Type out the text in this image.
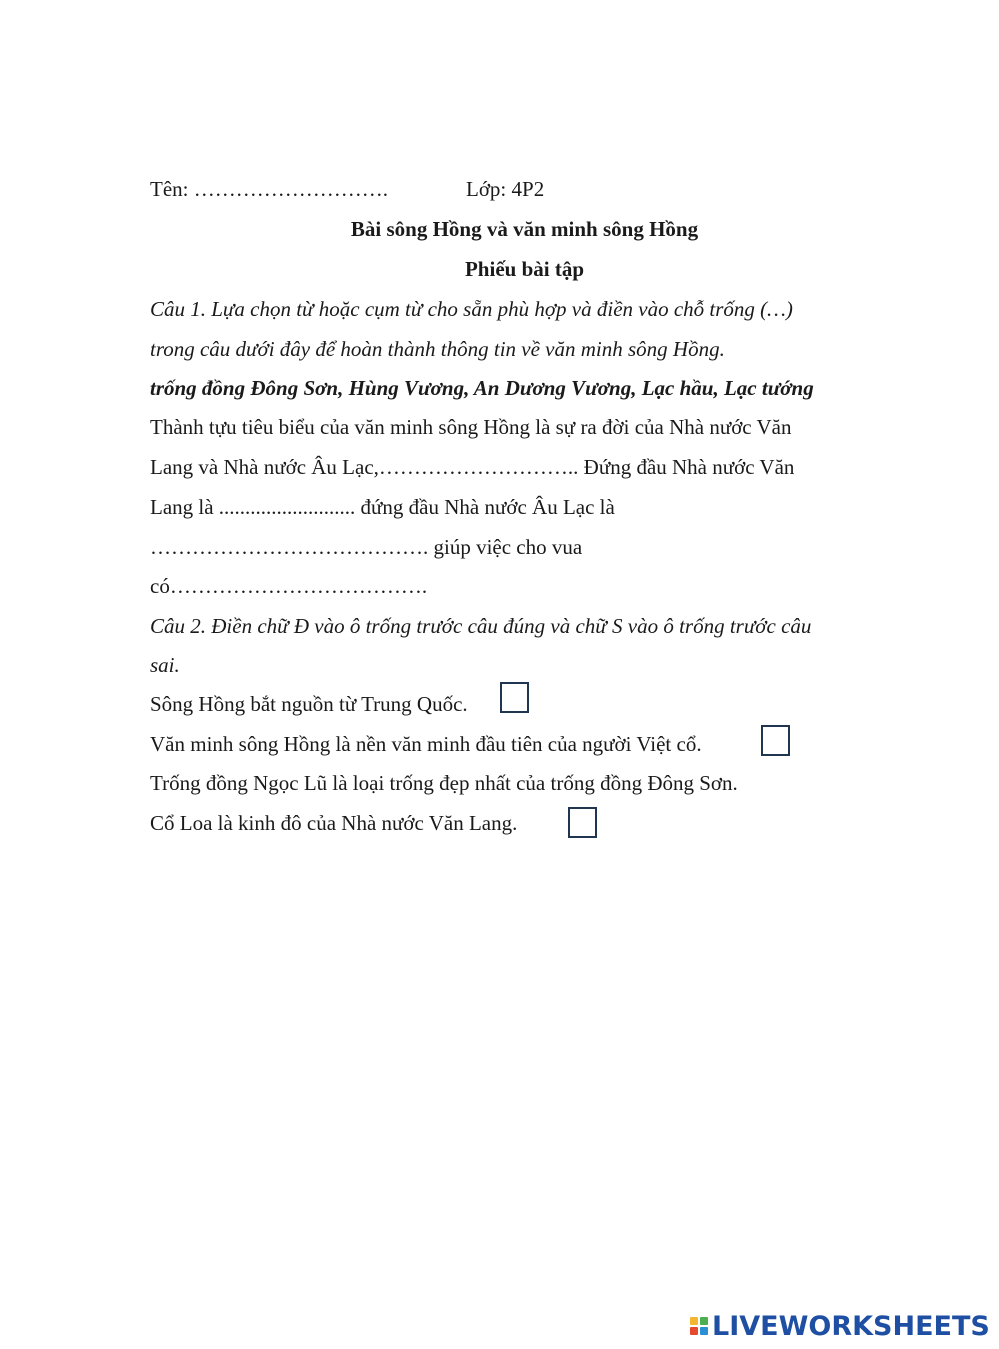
Tên: ……………………….	Lớp: 4P2
Bài sông Hồng và văn minh sông Hồng
Phiếu bài tập
Câu 1. Lựa chọn từ hoặc cụm từ cho sẵn phù hợp và điền vào chỗ trống (…)
trong câu dưới đây để hoàn thành thông tin về văn minh sông Hồng.
trống đồng Đông Sơn, Hùng Vương, An Dương Vương, Lạc hầu, Lạc tướng
Thành tựu tiêu biểu của văn minh sông Hồng là sự ra đời của Nhà nước Văn
Lang và Nhà nước Âu Lạc,……………………….. Đứng đầu Nhà nước Văn
Lang là .......................... đứng đầu Nhà nước Âu Lạc là
…………………………………. giúp việc cho vua
có……………………………….
Câu 2. Điền chữ Đ vào ô trống trước câu đúng và chữ S vào ô trống trước câu
sai.
Sông Hồng bắt nguồn từ Trung Quốc.
Văn minh sông Hồng là nền văn minh đầu tiên của người Việt cổ.
Trống đồng Ngọc Lũ là loại trống đẹp nhất của trống đồng Đông Sơn.
Cổ Loa là kinh đô của Nhà nước Văn Lang.
LIVEWORKSHEETS
